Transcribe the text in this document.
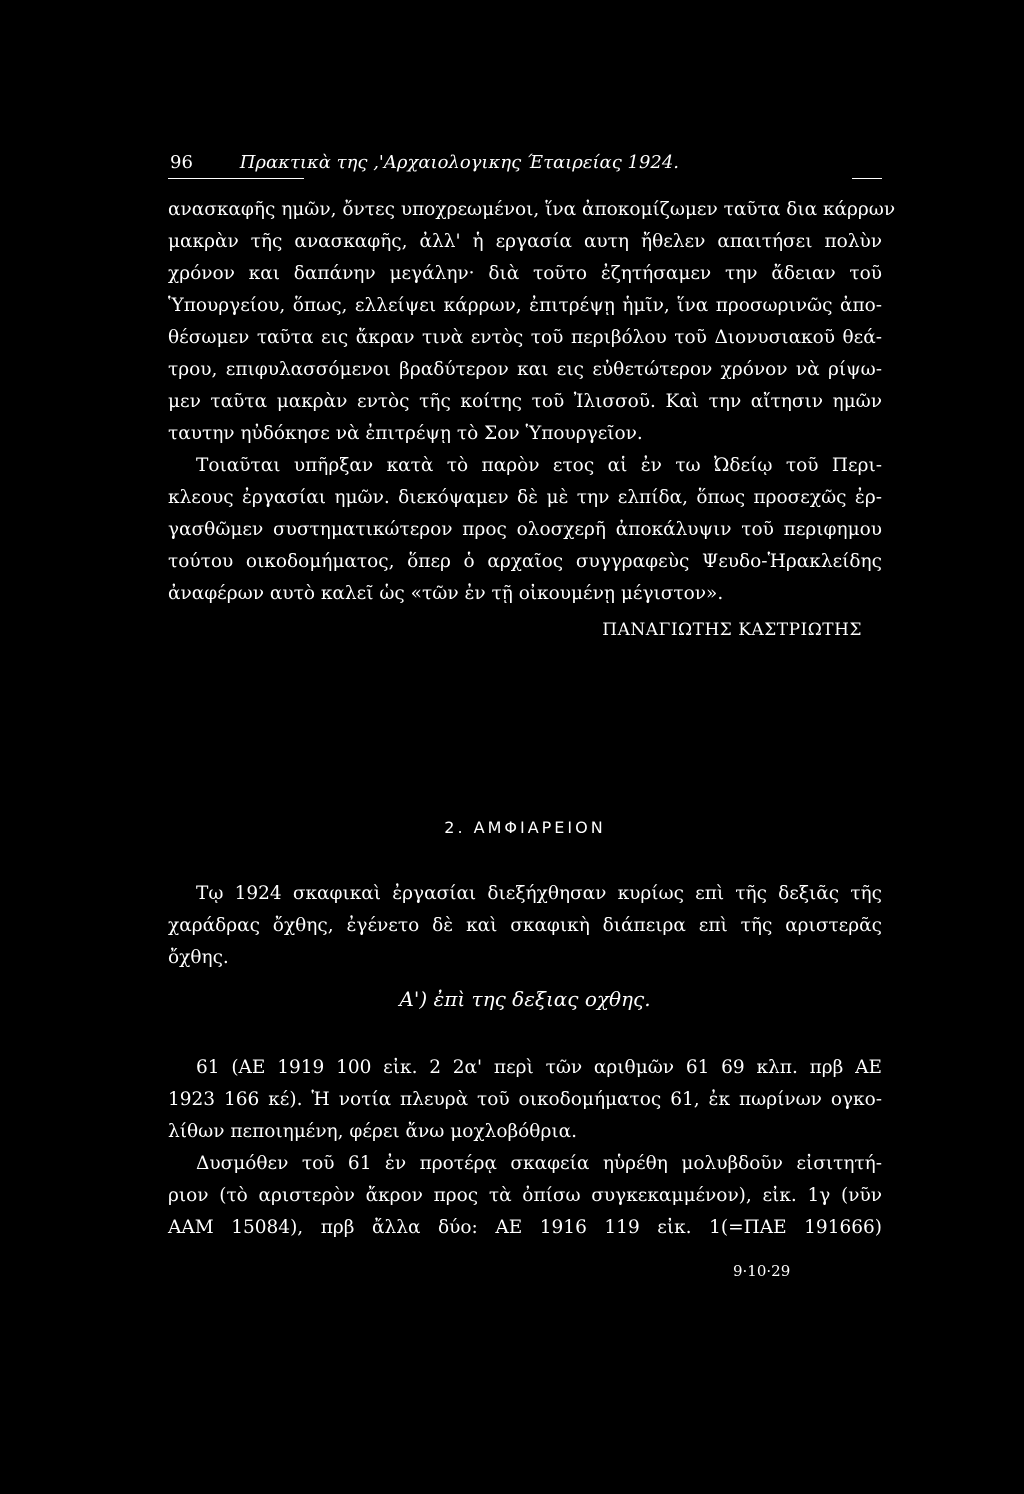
96	Πρακτικὰ της ,'Αρχαιολογικης Έταιρείας 1924.
ανασκαφῆς ημῶν, ὄντες υποχρεωμένοι, ἵνα ἀποκομίζωμεν ταῦτα δια κάρρων
μακρὰν τῆς ανασκαφῆς, ἀλλ' ἡ εργασία αυτη ἤθελεν απαιτήσει πολὺν
χρόνον και δαπάνην μεγάλην· διὰ τοῦτο ἐζητήσαμεν την ἄδειαν τοῦ
Ὑπουργείου, ὅπως, ελλείψει κάρρων, ἐπιτρέψῃ ἡμῖν, ἵνα προσωρινῶς ἀπο-
θέσωμεν ταῦτα εις ἄκραν τινὰ εντὸς τοῦ περιβόλου τοῦ Διονυσιακοῦ θεά-
τρου, επιφυλασσόμενοι βραδύτερον και εις εὐθετώτερον χρόνον νὰ ρίψω-
μεν ταῦτα μακρὰν εντὸς τῆς κοίτης τοῦ Ἰλισσοῦ. Καὶ την αἴτησιν ημῶν
ταυτην ηὐδόκησε νὰ ἐπιτρέψῃ τὸ Σον Ὑπουργεῖον.
Τοιαῦται υπῆρξαν κατὰ τὸ παρὸν ετος αἱ ἐν τω Ὠδείῳ τοῦ Περι-
κλεους ἐργασίαι ημῶν. διεκόψαμεν δὲ μὲ την ελπίδα, ὅπως προσεχῶς ἐρ-
γασθῶμεν συστηματικώτερον προς ολοσχερῆ ἀποκάλυψιν τοῦ περιφημου
τούτου οικοδομήματος, ὅπερ ὁ αρχαῖος συγγραφεὺς Ψευδο-Ἡρακλείδης
ἀναφέρων αυτὸ καλεῖ ὡς «τῶν ἐν τῇ οἰκουμένῃ μέγιστον».
ΠΑΝΑΓΙΩΤΗΣ ΚΑΣΤΡΙΩΤΗΣ
2. ΑΜΦΙΑΡΕΙΟΝ
Τῳ 1924 σκαφικαὶ ἐργασίαι διεξήχθησαν κυρίως επὶ τῆς δεξιᾶς τῆς
χαράδρας ὄχθης, ἐγένετο δὲ καὶ σκαφικὴ διάπειρα επὶ τῆς αριστερᾶς
ὄχθης.
Α') ἐπὶ της δεξιας οχθης.
61 (ΑΕ 1919 100 εἰκ. 2 2α' περὶ τῶν αριθμῶν 61 69 κλπ. πρβ ΑΕ
1923 166 κέ). Ἡ νοτία πλευρὰ τοῦ οικοδομήματος 61, ἐκ πωρίνων ογκο-
λίθων πεποιημένη, φέρει ἄνω μοχλοβόθρια.
Δυσμόθεν τοῦ 61 ἐν προτέρᾳ σκαφεία ηὑρέθη μολυβδοῦν εἰσιτητή-
ριον (τὸ αριστερὸν ἄκρον προς τὰ ὀπίσω συγκεκαμμένον), εἰκ. 1γ (νῦν
ΑΑΜ 15084), πρβ ἄλλα δύο: ΑΕ 1916 119 εἰκ. 1(=ΠΑΕ 191666)
9·10·29
